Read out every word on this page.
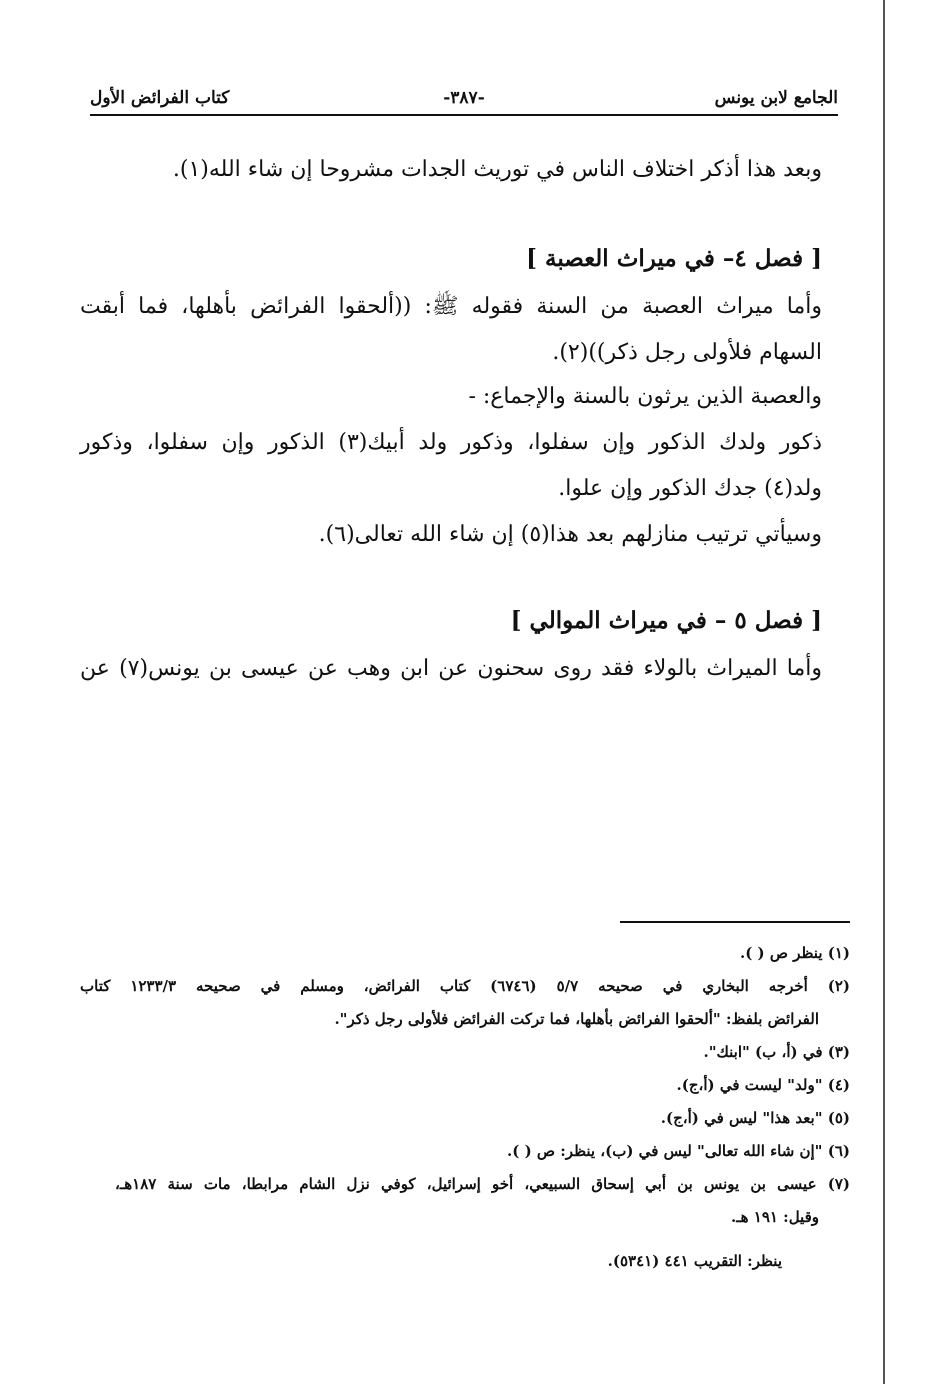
الجامع لابن يونس
-٣٨٧-
كتاب الفرائض الأول
وبعد هذا أذكر اختلاف الناس في توريث الجدات مشروحا إن شاء الله(١).
[ فصل ٤– في ميراث العصبة ]
وأما ميراث العصبة من السنة فقوله ﷺ: ((ألحقوا الفرائض بأهلها، فما أبقت
السهام فلأولى رجل ذكر))(٢).
والعصبة الذين يرثون بالسنة والإجماع: -
ذكور ولدك الذكور وإن سفلوا، وذكور ولد أبيك(٣) الذكور وإن سفلوا، وذكور
ولد(٤) جدك الذكور وإن علوا.
وسيأتي ترتيب منازلهم بعد هذا(٥) إن شاء الله تعالى(٦).
[ فصل ٥ – في ميراث الموالي ]
وأما الميراث بالولاء فقد روى سحنون عن ابن وهب عن عيسى بن يونس(٧) عن
(١) ينظر ص ( ).
(٢) أخرجه البخاري في صحيحه ٥/٧ (٦٧٤٦) كتاب الفرائض، ومسلم في صحيحه ١٢٣٣/٣ كتاب
الفرائض بلفظ: "ألحقوا الفرائض بأهلها، فما تركت الفرائض فلأولى رجل ذكر".
(٣) في (أ، ب) "ابنك".
(٤) "ولد" ليست في (أ،ج).
(٥) "بعد هذا" ليس في (أ،ج).
(٦) "إن شاء الله تعالى" ليس في (ب)، ينظر: ص ( ).
(٧) عيسى بن يونس بن أبي إسحاق السبيعي، أخو إسرائيل، كوفي نزل الشام مرابطا، مات سنة ١٨٧هـ،
وقيل: ١٩١ هـ.
ينظر: التقريب ٤٤١ (٥٣٤١).
